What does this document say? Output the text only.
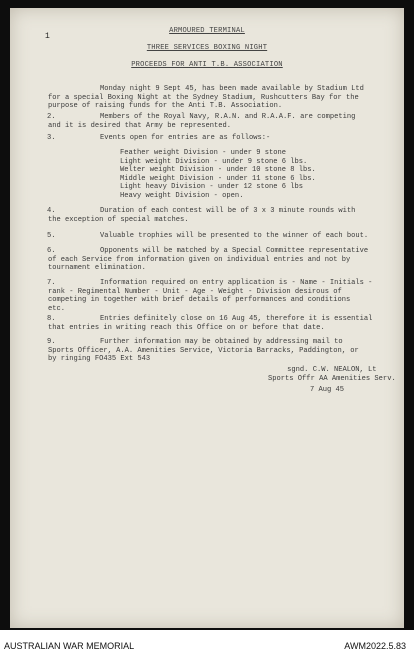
1
ARMOURED TERMINAL
THREE SERVICES BOXING NIGHT
PROCEEDS FOR ANTI T.B. ASSOCIATION
Monday night 9 Sept 45, has been made available by Stadium Ltd
for a special Boxing Night at the Sydney Stadium, Rushcutters Bay for the
purpose of raising funds for the Anti T.B. Association.
2.	Members of the Royal Navy, R.A.N. and R.A.A.F. are competing
and it is desired that Army be represented.
3.	Events open for entries are as follows:-
Feather weight Division - under 9 stone
Light weight Division - under 9 stone 6 lbs.
Welter weight Division - under 10 stone 8 lbs.
Middle weight Division - under 11 stone 6 lbs.
Light heavy Division - under 12 stone 6 lbs
Heavy weight Division - open.
4.	Duration of each contest will be of 3 x 3 minute rounds with
the exception of special matches.
5.	Valuable trophies will be presented to the winner of each bout.
6.	Opponents will be matched by a Special Committee representative
of each Service from information given on individual entries and not by
tournament elimination.
7.	Information required on entry application is - Name - Initials -
rank - Regimental Number - Unit - Age - Weight - Division desirous of
competing in together with brief details of performances and conditions
etc.
8.	Entries definitely close on 16 Aug 45, therefore it is essential
that entries in writing reach this Office on or before that date.
9.	Further information may be obtained by addressing mail to
Sports Officer, A.A. Amenities Service, Victoria Barracks, Paddington, or
by ringing FO435 Ext 543
sgnd. C.W. NEALON, Lt
Sports Offr AA Amenities Serv.
7 Aug 45
AUSTRALIAN WAR MEMORIAL	AWM2022.5.83
